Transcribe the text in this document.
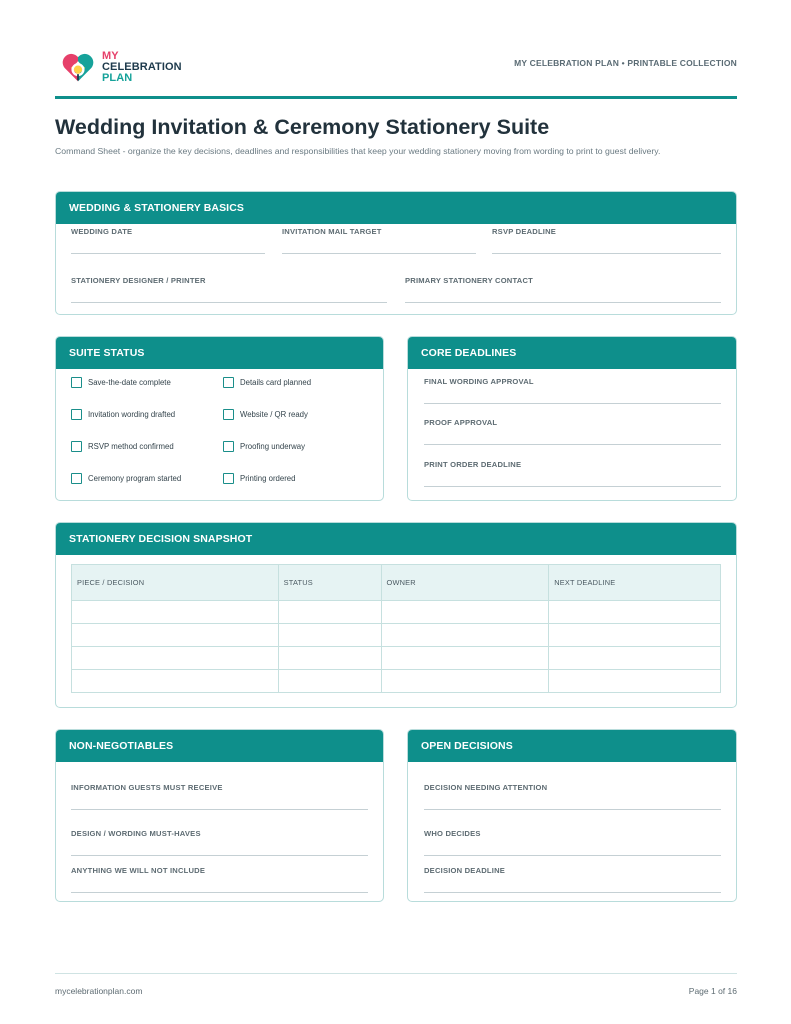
MY
CELEBRATION
PLAN
MY CELEBRATION PLAN • PRINTABLE COLLECTION
Wedding Invitation & Ceremony Stationery Suite
Command Sheet - organize the key decisions, deadlines and responsibilities that keep your wedding stationery moving from wording to print to guest delivery.
WEDDING & STATIONERY BASICS
WEDDING DATE	INVITATION MAIL TARGET	RSVP DEADLINE
STATIONERY DESIGNER / PRINTER	PRIMARY STATIONERY CONTACT
SUITE STATUS
Save-the-date complete	Details card planned
Invitation wording drafted	Website / QR ready
RSVP method confirmed	Proofing underway
Ceremony program started	Printing ordered
CORE DEADLINES
FINAL WORDING APPROVAL
PROOF APPROVAL
PRINT ORDER DEADLINE
STATIONERY DECISION SNAPSHOT
PIECE / DECISION	STATUS	OWNER	NEXT DEADLINE

NON-NEGOTIABLES
INFORMATION GUESTS MUST RECEIVE
DESIGN / WORDING MUST-HAVES
ANYTHING WE WILL NOT INCLUDE
OPEN DECISIONS
DECISION NEEDING ATTENTION
WHO DECIDES
DECISION DEADLINE
mycelebrationplan.com	Page 1 of 16
